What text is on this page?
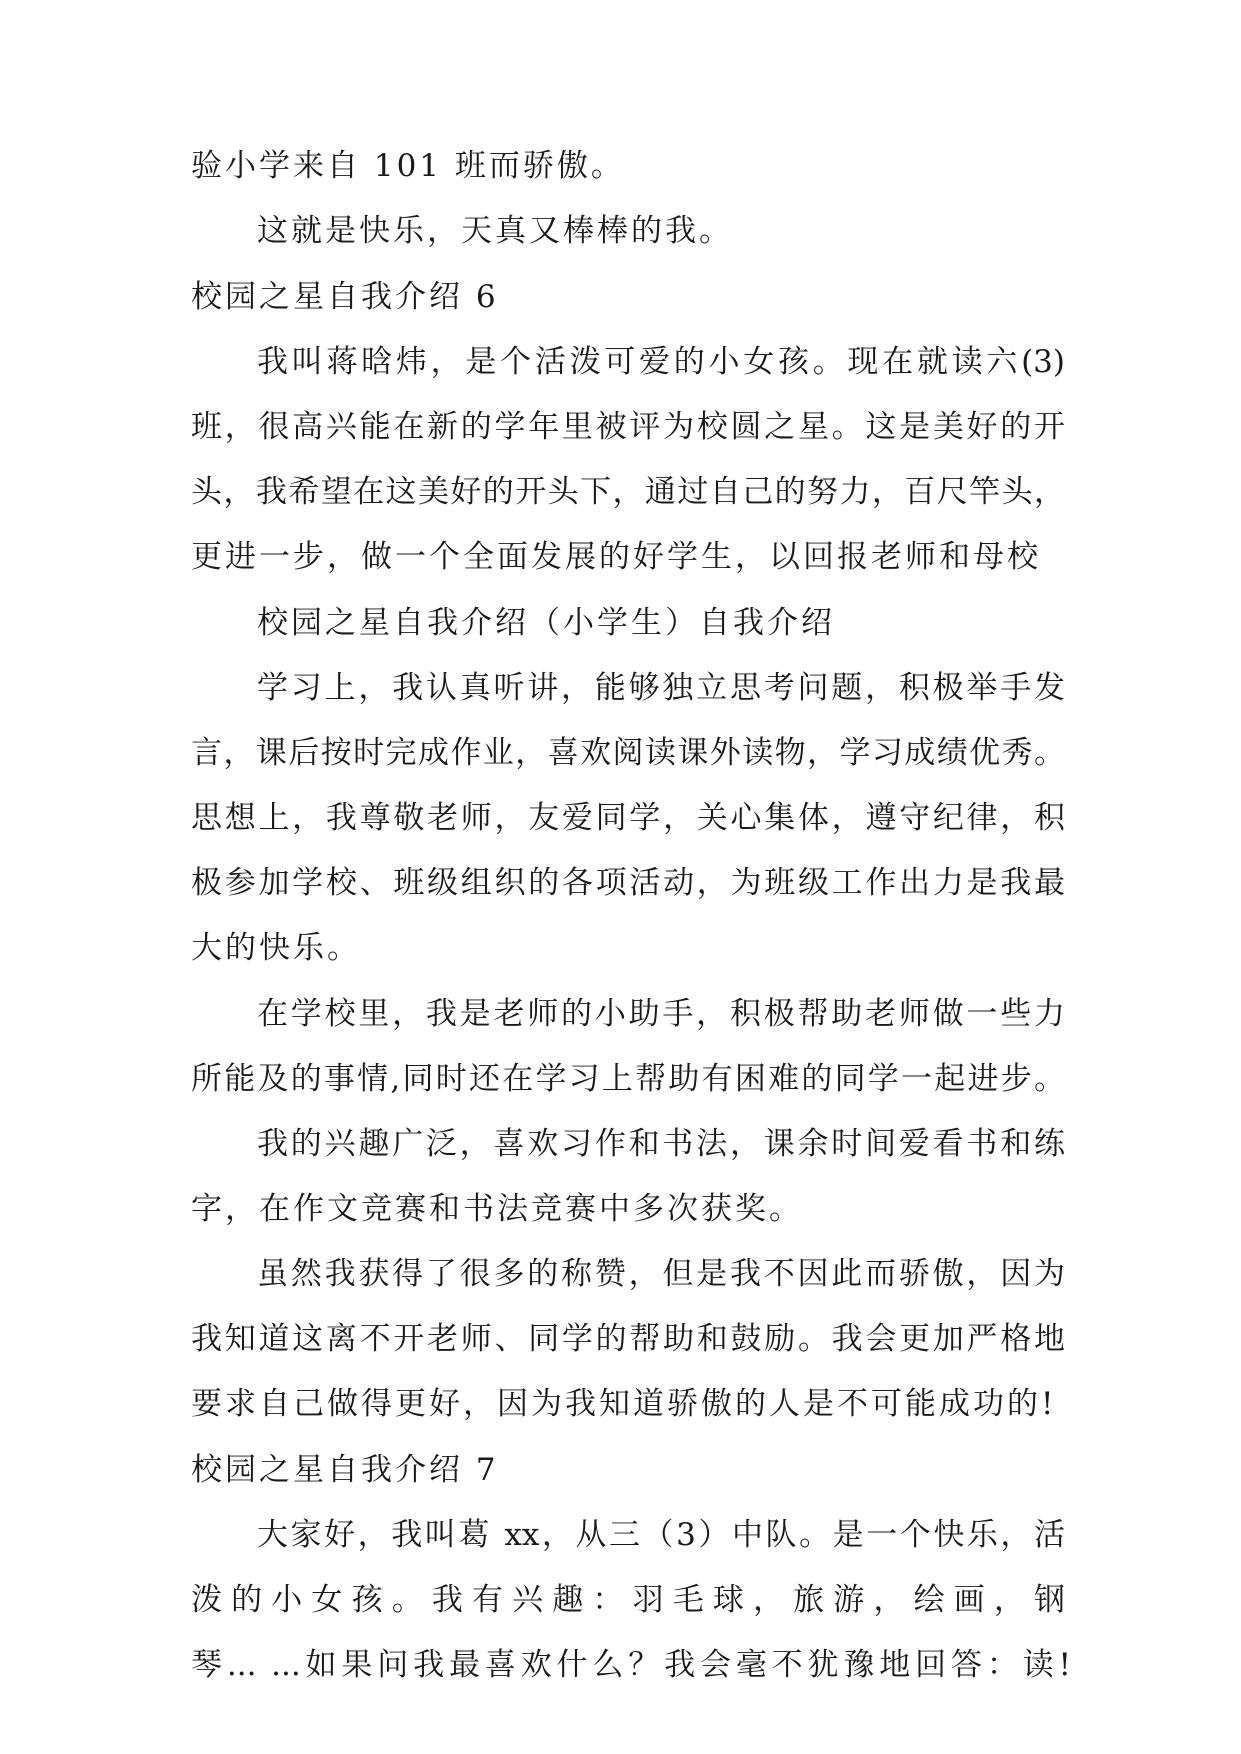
验小学来自 101 班而骄傲。
这就是快乐，天真又棒棒的我。
校园之星自我介绍 6
我叫蒋晗炜，是个活泼可爱的小女孩。现在就读六(3)
班，很高兴能在新的学年里被评为校圆之星。这是美好的开
头，我希望在这美好的开头下，通过自己的努力，百尺竿头，
更进一步，做一个全面发展的好学生，以回报老师和母校
校园之星自我介绍（小学生）自我介绍
学习上，我认真听讲，能够独立思考问题，积极举手发
言，课后按时完成作业，喜欢阅读课外读物，学习成绩优秀。
思想上，我尊敬老师，友爱同学，关心集体，遵守纪律，积
极参加学校、班级组织的各项活动，为班级工作出力是我最
大的快乐。
在学校里，我是老师的小助手，积极帮助老师做一些力
所能及的事情,同时还在学习上帮助有困难的同学一起进步。
我的兴趣广泛，喜欢习作和书法，课余时间爱看书和练
字，在作文竞赛和书法竞赛中多次获奖。
虽然我获得了很多的称赞，但是我不因此而骄傲，因为
我知道这离不开老师、同学的帮助和鼓励。我会更加严格地
要求自己做得更好，因为我知道骄傲的人是不可能成功的!
校园之星自我介绍 7
大家好，我叫葛 xx，从三（3）中队。是一个快乐，活
泼的小女孩。我有兴趣：羽毛球，旅游，绘画，钢
琴... ...如果问我最喜欢什么？我会毫不犹豫地回答：读!
